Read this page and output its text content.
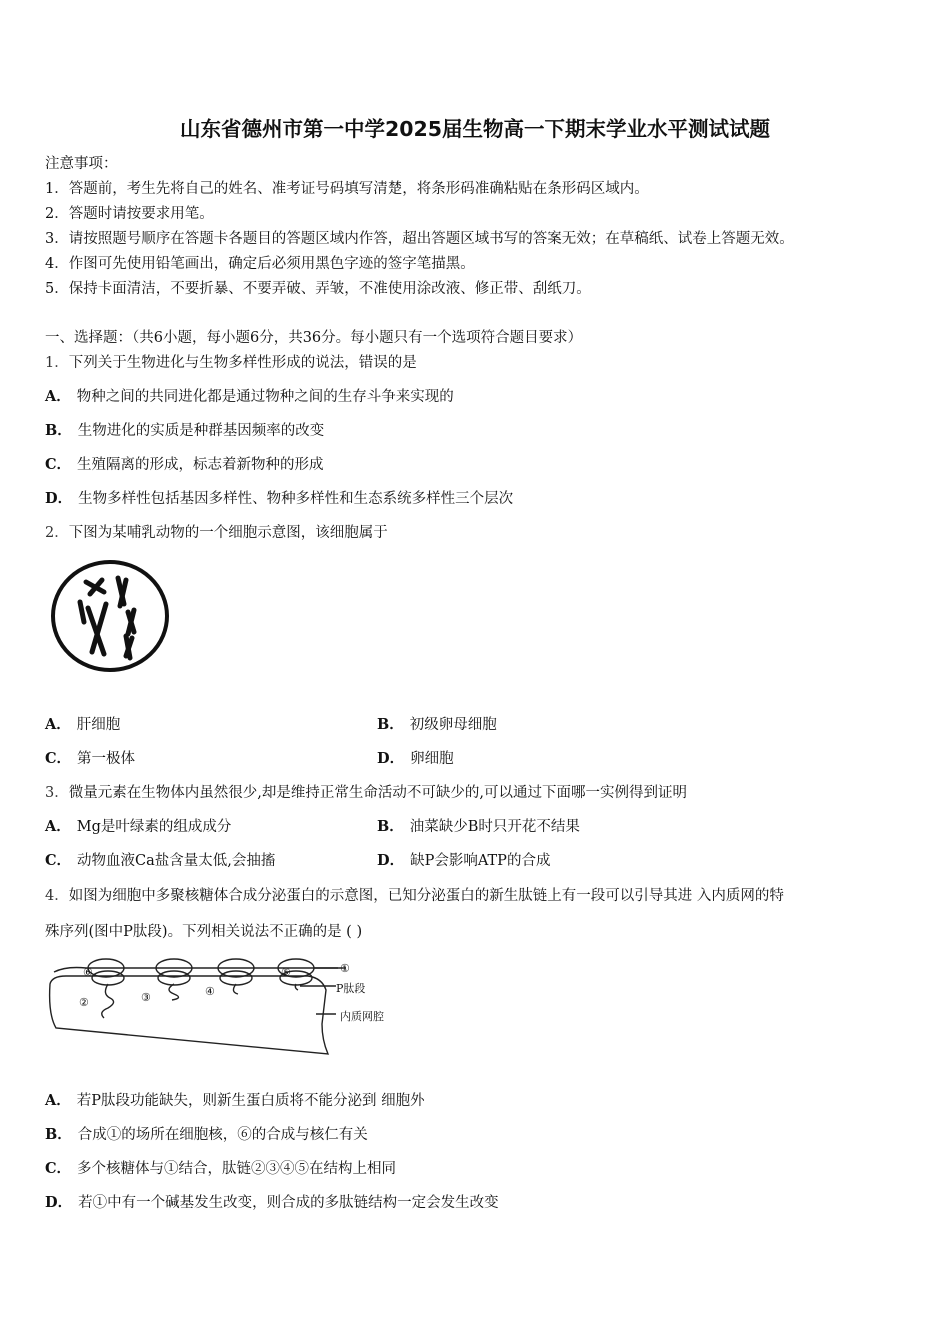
山东省德州市第一中学2025届生物高一下期末学业水平测试试题
注意事项：
1．答题前，考生先将自己的姓名、准考证号码填写清楚，将条形码准确粘贴在条形码区域内。
2．答题时请按要求用笔。
3．请按照题号顺序在答题卡各题目的答题区域内作答，超出答题区域书写的答案无效；在草稿纸、试卷上答题无效。
4．作图可先使用铅笔画出，确定后必须用黑色字迹的签字笔描黑。
5．保持卡面清洁，不要折暴、不要弄破、弄皱，不准使用涂改液、修正带、刮纸刀。
一、选择题：（共6小题，每小题6分，共36分。每小题只有一个选项符合题目要求）
1．下列关于生物进化与生物多样性形成的说法，错误的是
A． 物种之间的共同进化都是通过物种之间的生存斗争来实现的
B． 生物进化的实质是种群基因频率的改变
C． 生殖隔离的形成，标志着新物种的形成
D． 生物多样性包括基因多样性、物种多样性和生态系统多样性三个层次
2．下图为某哺乳动物的一个细胞示意图，该细胞属于
A． 肝细胞	B． 初级卵母细胞
C． 第一极体	D． 卵细胞
3．微量元素在生物体内虽然很少,却是维持正常生命活动不可缺少的,可以通过下面哪一实例得到证明
A． Mg是叶绿素的组成成分	B． 油菜缺少B时只开花不结果
C． 动物血液Ca盐含量太低,会抽搐	D． 缺P会影响ATP的合成
4．如图为细胞中多聚核糖体合成分泌蛋白的示意图，已知分泌蛋白的新生肽链上有一段可以引导其进 入内质网的特
殊序列(图中P肽段)。下列相关说法不正确的是 ( )
⑥
②	③	④
⑤	①
P肽段
内质网腔
A． 若P肽段功能缺失，则新生蛋白质将不能分泌到 细胞外
B． 合成①的场所在细胞核，⑥的合成与核仁有关
C． 多个核糖体与①结合，肽链②③④⑤在结构上相同
D． 若①中有一个碱基发生改变，则合成的多肽链结构一定会发生改变
